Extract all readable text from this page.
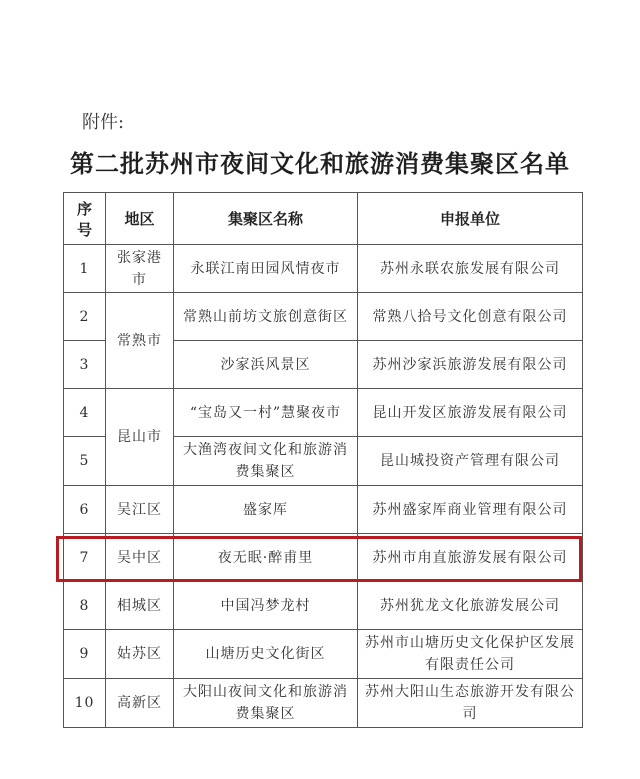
附件:
第二批苏州市夜间文化和旅游消费集聚区名单
序号	地区	集聚区名称	申报单位
1	张家港市	永联江南田园风情夜市	苏州永联农旅发展有限公司
2	常熟市	常熟山前坊文旅创意街区	常熟八拾号文化创意有限公司
3		沙家浜风景区	苏州沙家浜旅游发展有限公司
4	昆山市	“宝岛又一村”慧聚夜市	昆山开发区旅游发展有限公司
5		大渔湾夜间文化和旅游消费集聚区	昆山城投资产管理有限公司
6	吴江区	盛家厍	苏州盛家厍商业管理有限公司
7	吴中区	夜无眠·醉甫里	苏州市甪直旅游发展有限公司
8	相城区	中国冯梦龙村	苏州犹龙文化旅游发展公司
9	姑苏区	山塘历史文化街区	苏州市山塘历史文化保护区发展有限责任公司
10	高新区	大阳山夜间文化和旅游消费集聚区	苏州大阳山生态旅游开发有限公司
